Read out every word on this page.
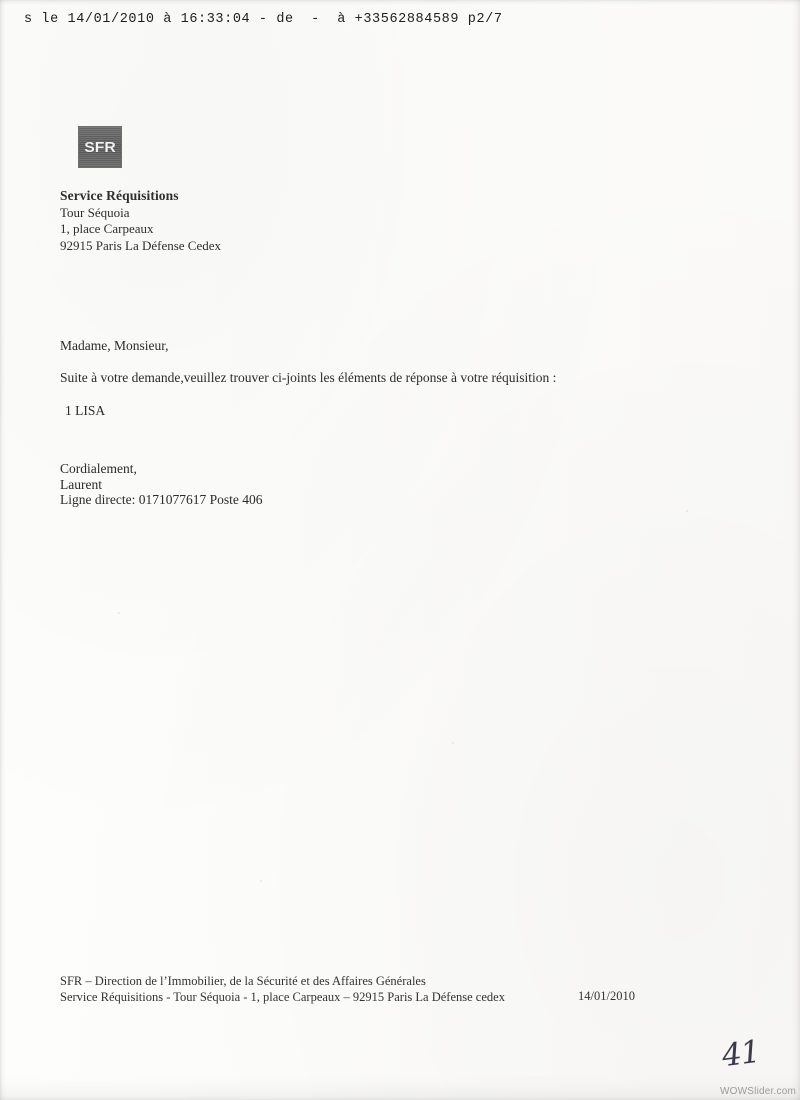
s le 14/01/2010 à 16:33:04 - de  -  à +33562884589 p2/7
SFR
Service Réquisitions
Tour Séquoia
1, place Carpeaux
92915 Paris La Défense Cedex
Madame, Monsieur,
Suite à votre demande,veuillez trouver ci-joints les éléments de réponse à votre réquisition :
1 LISA
Cordialement,
Laurent
Ligne directe: 0171077617 Poste 406
SFR – Direction de l’Immobilier, de la Sécurité et des Affaires Générales
Service Réquisitions - Tour Séquoia - 1, place Carpeaux – 92915 Paris La Défense cedex	14/01/2010
41
WOWSlider.com
